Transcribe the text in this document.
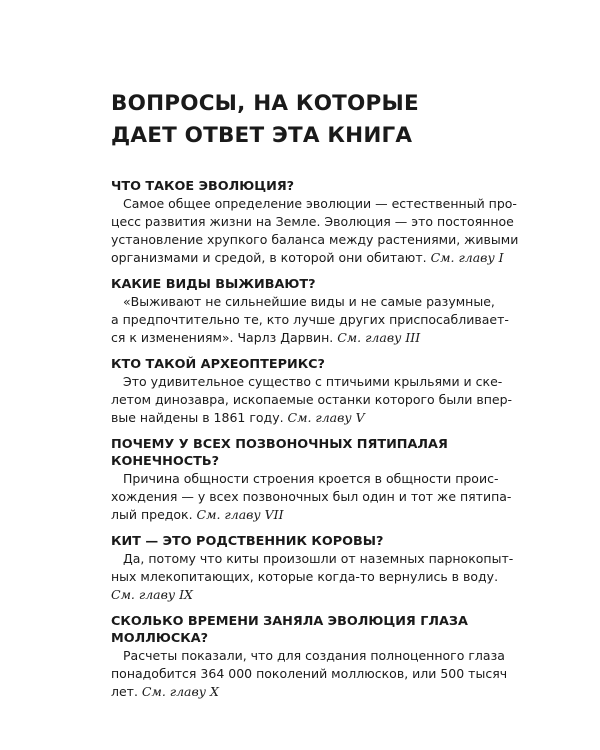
ВОПРОСЫ, НА КОТОРЫЕ
ДАЕТ ОТВЕТ ЭТА КНИГА
ЧТО ТАКОЕ ЭВОЛЮЦИЯ?
Самое общее определение эволюции — естественный про-
цесс развития жизни на Земле. Эволюция — это постоянное
установление хрупкого баланса между растениями, живыми
организмами и средой, в которой они обитают. См. главу I
КАКИЕ ВИДЫ ВЫЖИВАЮТ?
«Выживают не сильнейшие виды и не самые разумные,
а предпочтительно те, кто лучше других приспосабливает-
ся к изменениям». Чарлз Дарвин. См. главу III
КТО ТАКОЙ АРХЕОПТЕРИКС?
Это удивительное существо с птичьими крыльями и ске-
летом динозавра, ископаемые останки которого были впер-
вые найдены в 1861 году. См. главу V
ПОЧЕМУ У ВСЕХ ПОЗВОНОЧНЫХ ПЯТИПАЛАЯ
КОНЕЧНОСТЬ?
Причина общности строения кроется в общности проис-
хождения — у всех позвоночных был один и тот же пятипа-
лый предок. См. главу VII
КИТ — ЭТО РОДСТВЕННИК КОРОВЫ?
Да, потому что киты произошли от наземных парнокопыт-
ных млекопитающих, которые когда-то вернулись в воду.
См. главу IX
СКОЛЬКО ВРЕМЕНИ ЗАНЯЛА ЭВОЛЮЦИЯ ГЛАЗА
МОЛЛЮСКА?
Расчеты показали, что для создания полноценного глаза
понадобится 364 000 поколений моллюсков, или 500 тысяч
лет. См. главу X
